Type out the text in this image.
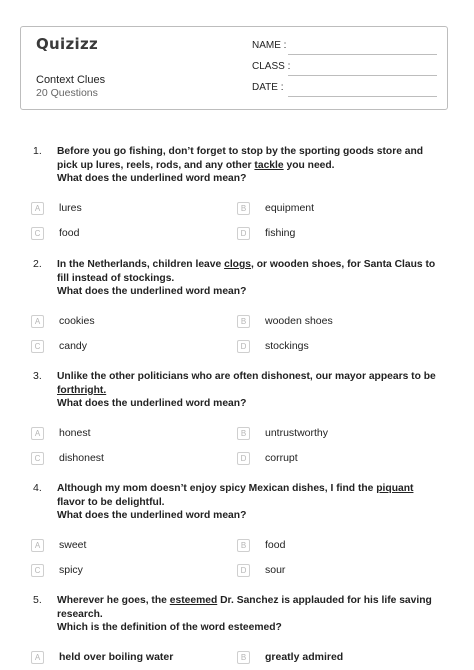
Quizizz
Context Clues
20 Questions
NAME :
CLASS :
DATE :
1. Before you go fishing, don’t forget to stop by the sporting goods store and pick up lures, reels, rods, and any other tackle you need.
What does the underlined word mean?
A	lures	B	equipment
C	food	D	fishing
2. In the Netherlands, children leave clogs, or wooden shoes, for Santa Claus to fill instead of stockings.
What does the underlined word mean?
A	cookies	B	wooden shoes
C	candy	D	stockings
3. Unlike the other politicians who are often dishonest, our mayor appears to be forthright.
What does the underlined word mean?
A	honest	B	untrustworthy
C	dishonest	D	corrupt
4. Although my mom doesn’t enjoy spicy Mexican dishes, I find the piquant flavor to be delightful.
What does the underlined word mean?
A	sweet	B	food
C	spicy	D	sour
5. Wherever he goes, the esteemed Dr. Sanchez is applauded for his life saving research.
Which is the definition of the word esteemed?
A	held over boiling water	B	greatly admired
